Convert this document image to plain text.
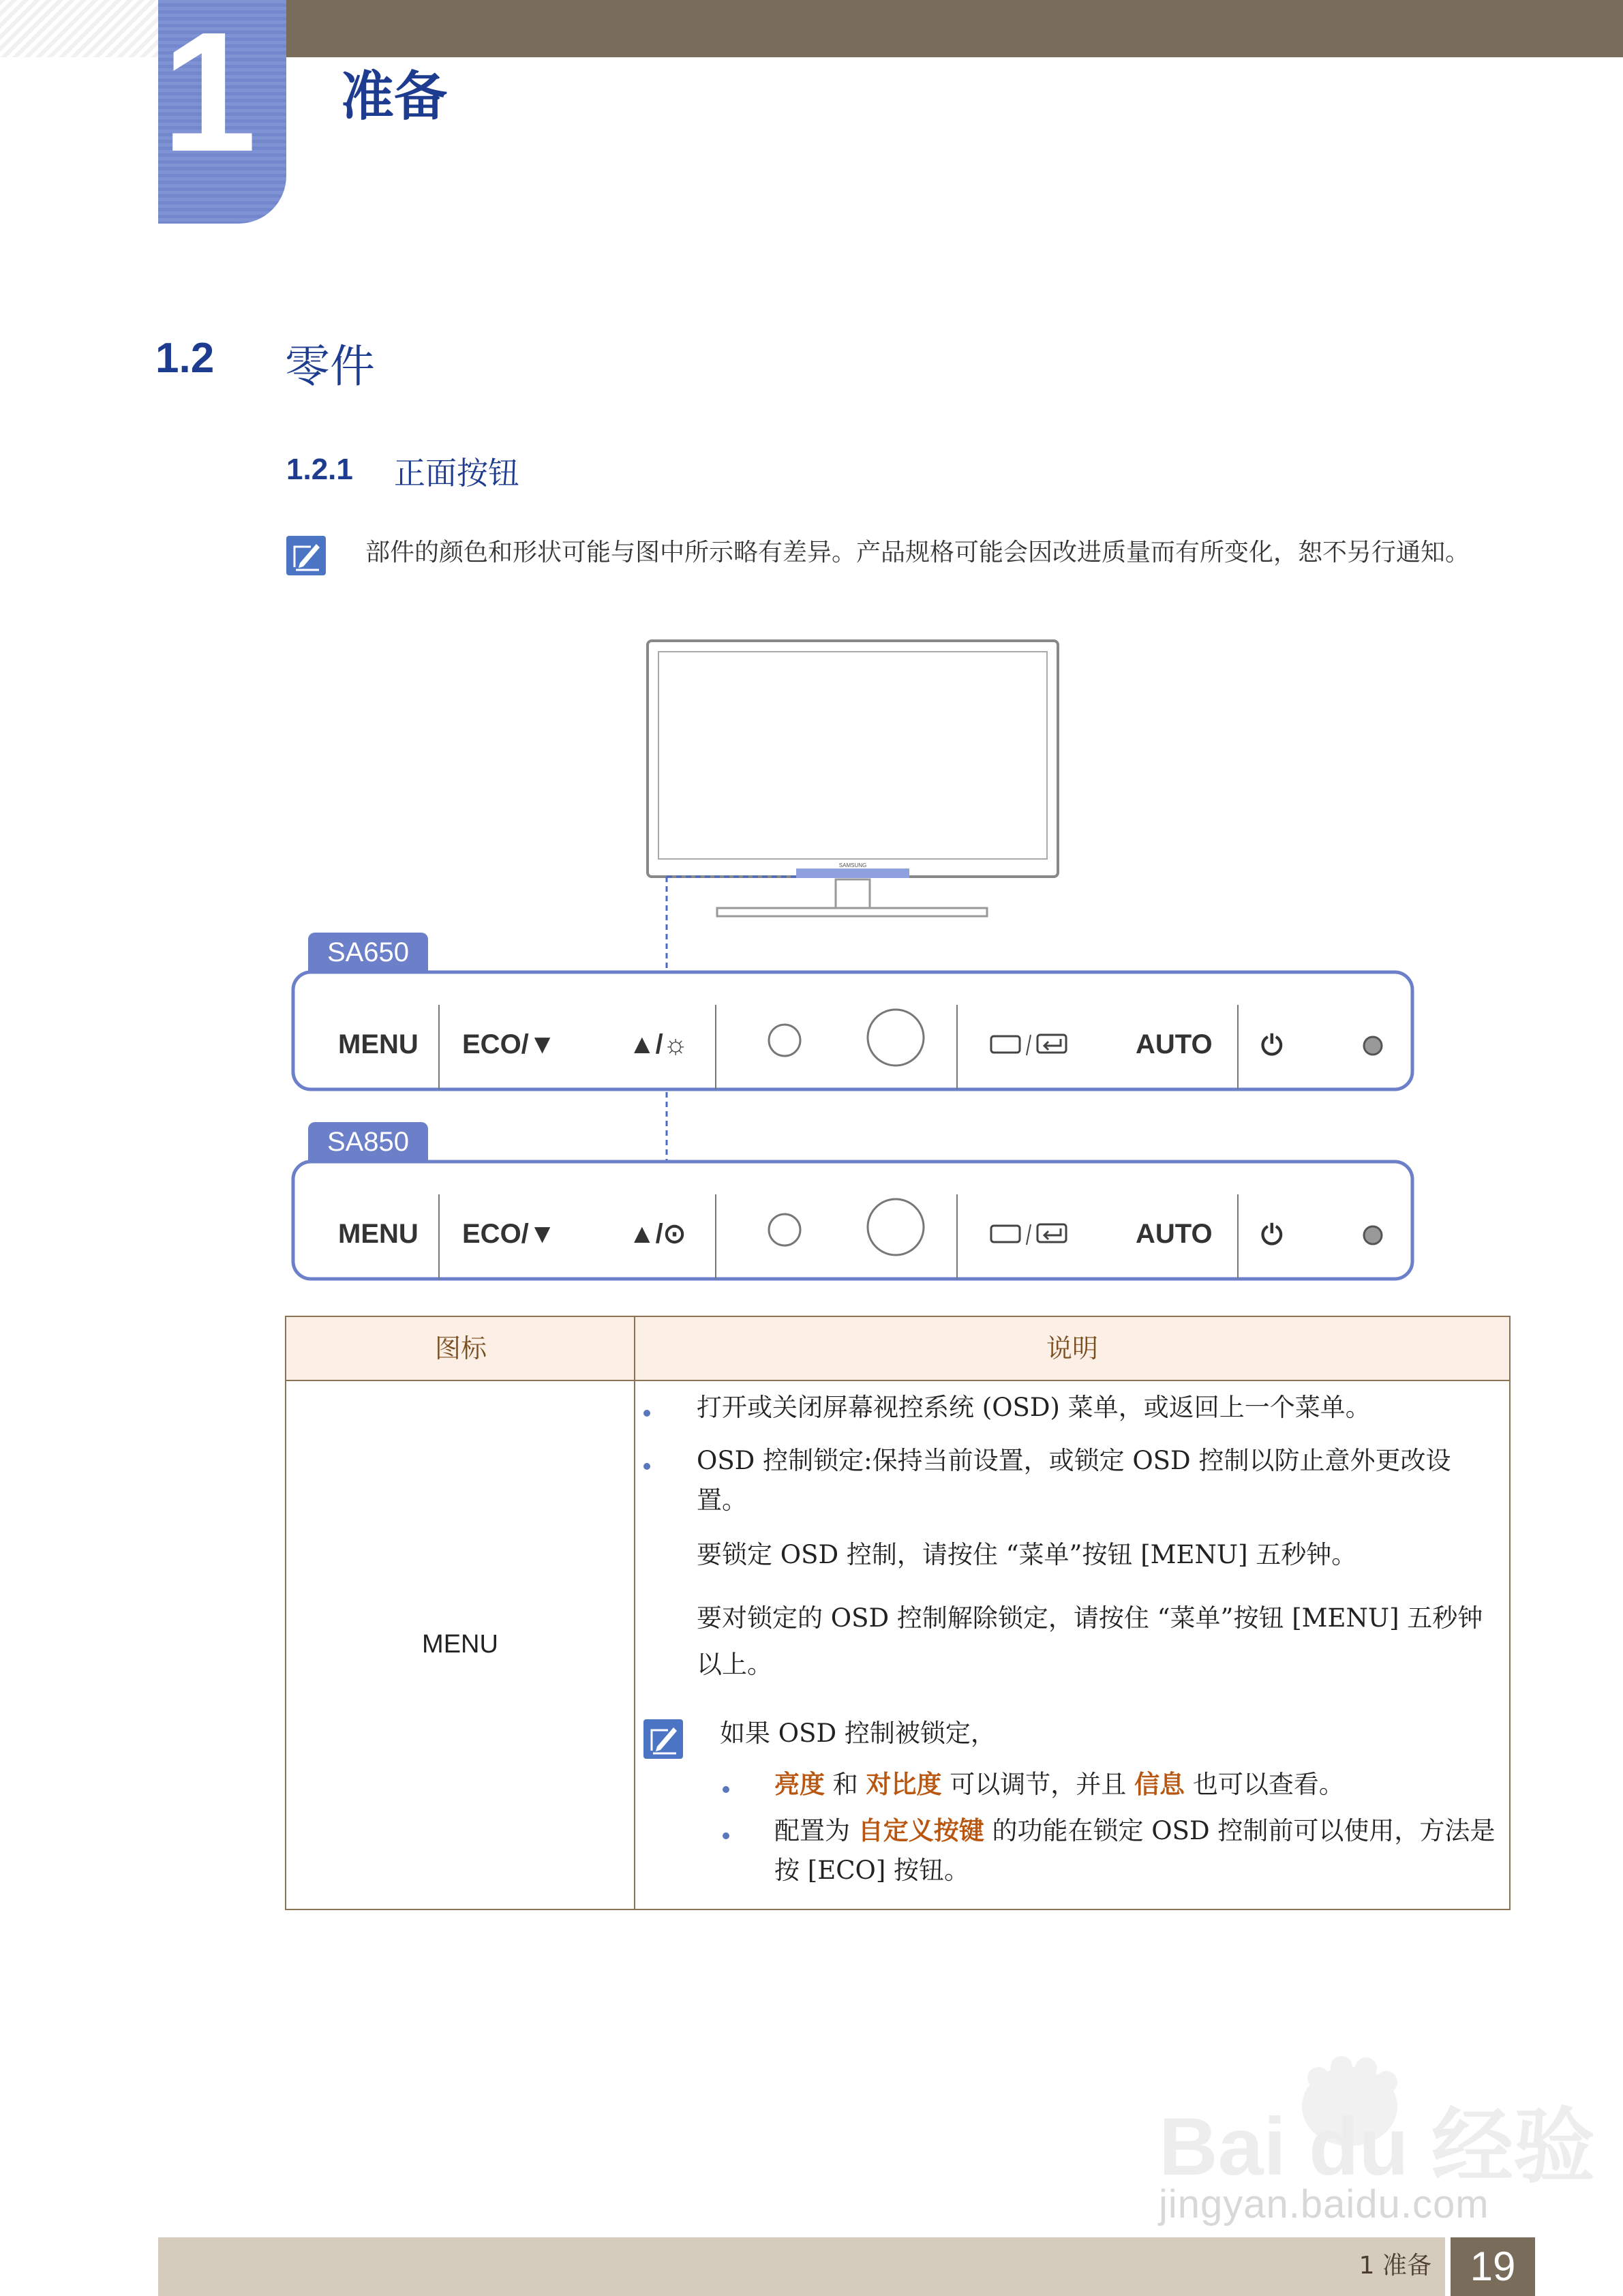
1 准备
1.2 零件
1.2.1 正面按钮
部件的颜色和形状可能与图中所示略有差异。产品规格可能会因改进质量而有所变化，恕不另行通知。
SAMSUNG
SA650
SA850
MENU ECO/▼	▲/☼	AUTO ⏻
MENU ECO/▼	▲/⊙	AUTO ⏻
图标	说明
MENU
打开或关闭屏幕视控系统 (OSD) 菜单，或返回上一个菜单。
OSD 控制锁定:保持当前设置，或锁定 OSD 控制以防止意外更改设置。
要锁定 OSD 控制，请按住 “菜单”按钮 [MENU] 五秒钟。
要对锁定的 OSD 控制解除锁定，请按住 “菜单”按钮 [MENU] 五秒钟以上。
如果 OSD 控制被锁定，
亮度 和 对比度 可以调节，并且 信息 也可以查看。
配置为 自定义按键 的功能在锁定 OSD 控制前可以使用，方法是按 [ECO] 按钮。
Bai du 经验
jingyan.baidu.com
1 准备 19
